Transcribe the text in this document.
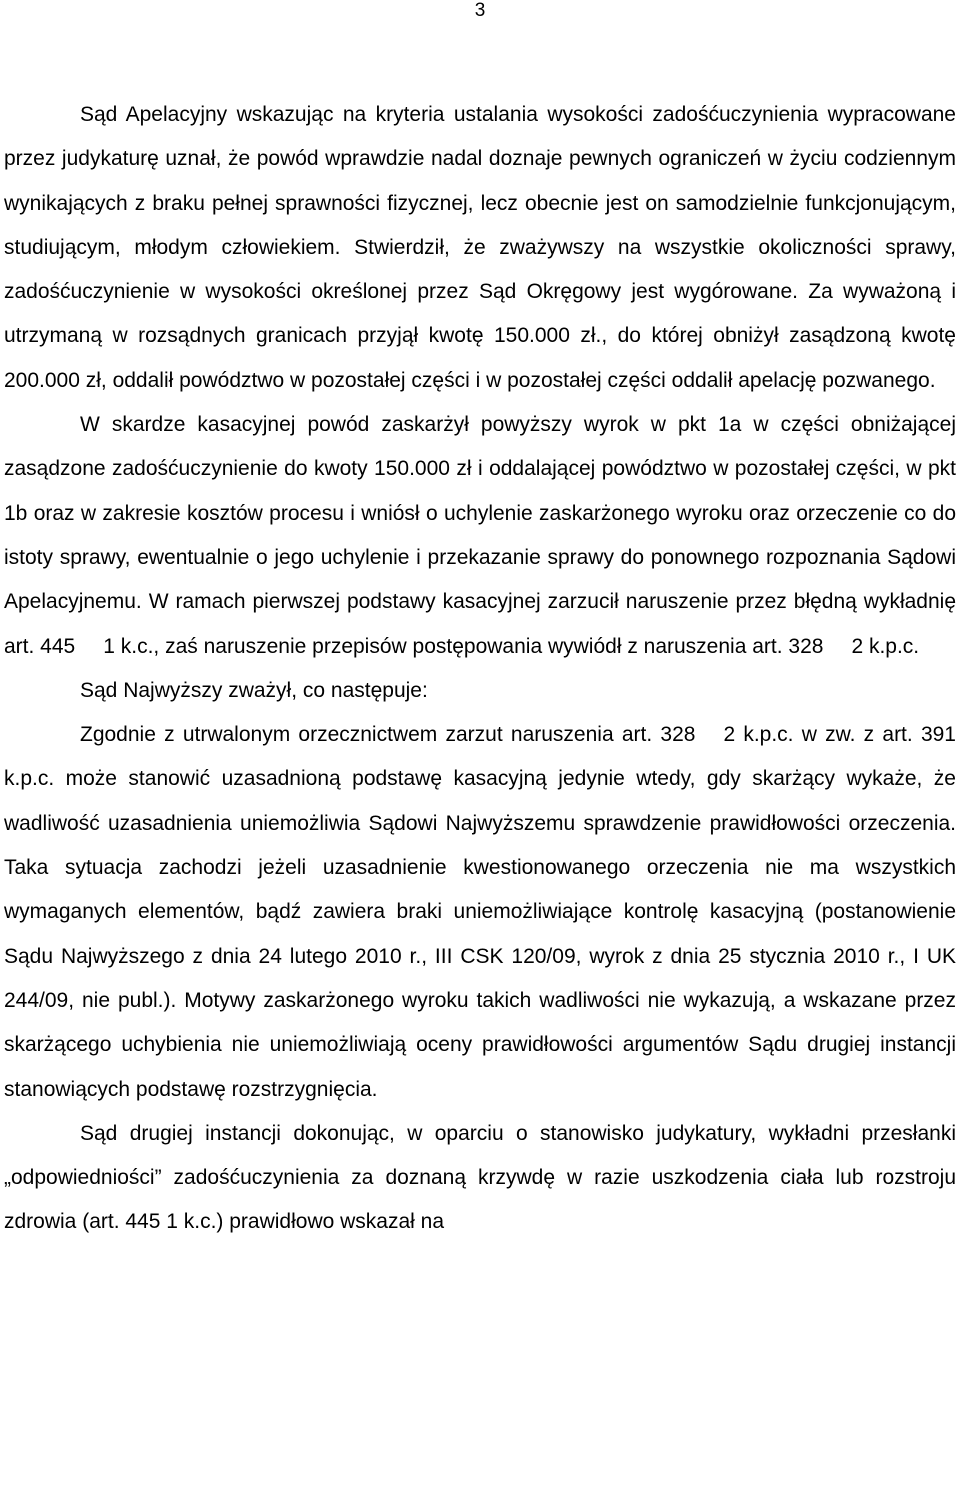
3

Sąd Apelacyjny wskazując na kryteria ustalania wysokości zadośćuczynienia wypracowane przez judykaturę uznał, że powód wprawdzie nadal doznaje pewnych ograniczeń w życiu codziennym wynikających z braku pełnej sprawności fizycznej, lecz obecnie jest on samodzielnie funkcjonującym, studiującym, młodym człowiekiem. Stwierdził, że zważywszy na wszystkie okoliczności sprawy, zadośćuczynienie w wysokości określonej przez Sąd Okręgowy jest wygórowane. Za wyważoną i utrzymaną w rozsądnych granicach przyjął kwotę 150.000 zł., do której obniżył zasądzoną kwotę 200.000 zł, oddalił powództwo w pozostałej części i w pozostałej części oddalił apelację pozwanego.

W skardze kasacyjnej powód zaskarżył powyższy wyrok w pkt 1a w części obniżającej zasądzone zadośćuczynienie do kwoty 150.000 zł i oddalającej powództwo w pozostałej części, w pkt 1b oraz w zakresie kosztów procesu i wniósł o uchylenie zaskarżonego wyroku oraz orzeczenie co do istoty sprawy, ewentualnie o jego uchylenie i przekazanie sprawy do ponownego rozpoznania Sądowi Apelacyjnemu. W ramach pierwszej podstawy kasacyjnej zarzucił naruszenie przez błędną wykładnię art. 445 1 k.c., zaś naruszenie przepisów postępowania wywiódł z naruszenia art. 328 2 k.p.c.

Sąd Najwyższy zważył, co następuje:

Zgodnie z utrwalonym orzecznictwem zarzut naruszenia art. 328 2 k.p.c. w zw. z art. 391 k.p.c. może stanowić uzasadnioną podstawę kasacyjną jedynie wtedy, gdy skarżący wykaże, że wadliwość uzasadnienia uniemożliwia Sądowi Najwyższemu sprawdzenie prawidłowości orzeczenia. Taka sytuacja zachodzi jeżeli uzasadnienie kwestionowanego orzeczenia nie ma wszystkich wymaganych elementów, bądź zawiera braki uniemożliwiające kontrolę kasacyjną (postanowienie Sądu Najwyższego z dnia 24 lutego 2010 r., III CSK 120/09, wyrok z dnia 25 stycznia 2010 r., I UK 244/09, nie publ.). Motywy zaskarżonego wyroku takich wadliwości nie wykazują, a wskazane przez skarżącego uchybienia nie uniemożliwiają oceny prawidłowości argumentów Sądu drugiej instancji stanowiących podstawę rozstrzygnięcia.

Sąd drugiej instancji dokonując, w oparciu o stanowisko judykatury, wykładni przesłanki „odpowiedniości” zadośćuczynienia za doznaną krzywdę w razie uszkodzenia ciała lub rozstroju zdrowia (art. 445 1 k.c.) prawidłowo wskazał na
